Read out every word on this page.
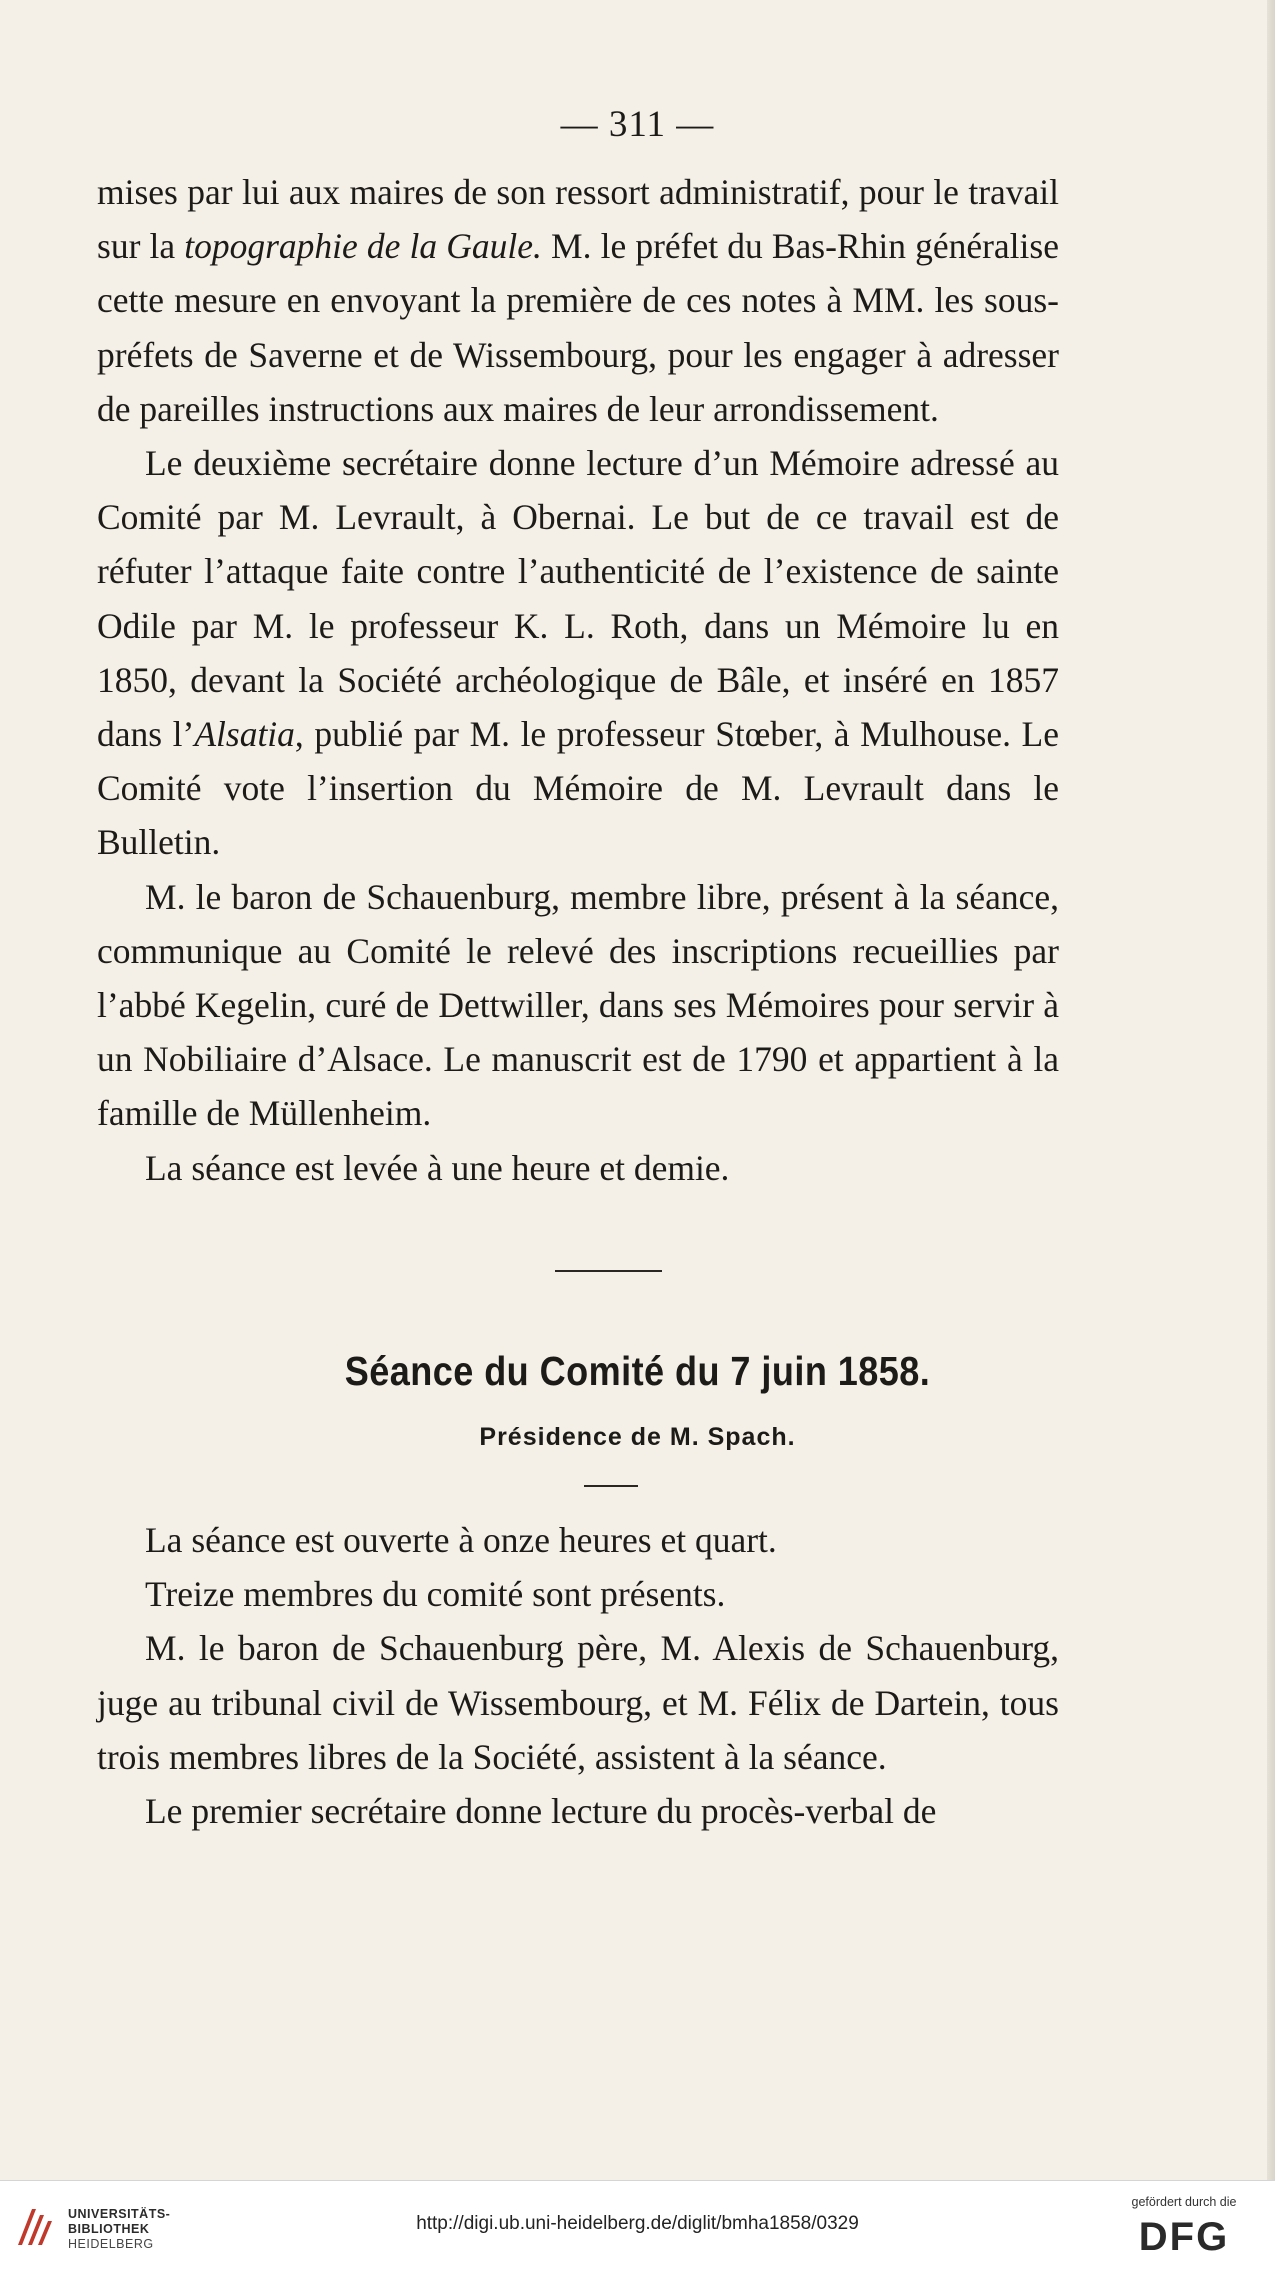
— 311 —

mises par lui aux maires de son ressort administratif, pour le travail sur la topographie de la Gaule. M. le préfet du Bas-Rhin généralise cette mesure en envoyant la première de ces notes à MM. les sous-préfets de Saverne et de Wissembourg, pour les engager à adresser de pareilles instructions aux maires de leur arrondissement.

Le deuxième secrétaire donne lecture d’un Mémoire adressé au Comité par M. Levrault, à Obernai. Le but de ce travail est de réfuter l’attaque faite contre l’authenticité de l’existence de sainte Odile par M. le professeur K. L. Roth, dans un Mémoire lu en 1850, devant la Société archéologique de Bâle, et inséré en 1857 dans l’Alsatia, publié par M. le professeur Stœber, à Mulhouse. Le Comité vote l’insertion du Mémoire de M. Levrault dans le Bulletin.

M. le baron de Schauenburg, membre libre, présent à la séance, communique au Comité le relevé des inscriptions recueillies par l’abbé Kegelin, curé de Dettwiller, dans ses Mémoires pour servir à un Nobiliaire d’Alsace. Le manuscrit est de 1790 et appartient à la famille de Müllenheim.

La séance est levée à une heure et demie.

Séance du Comité du 7 juin 1858.
Présidence de M. Spach.

La séance est ouverte à onze heures et quart.

Treize membres du comité sont présents.

M. le baron de Schauenburg père, M. Alexis de Schauenburg, juge au tribunal civil de Wissembourg, et M. Félix de Dartein, tous trois membres libres de la Société, assistent à la séance.

Le premier secrétaire donne lecture du procès-verbal de

UNIVERSITÄTS-
BIBLIOTHEK
HEIDELBERG
http://digi.ub.uni-heidelberg.de/diglit/bmha1858/0329
gefördert durch die
DFG
